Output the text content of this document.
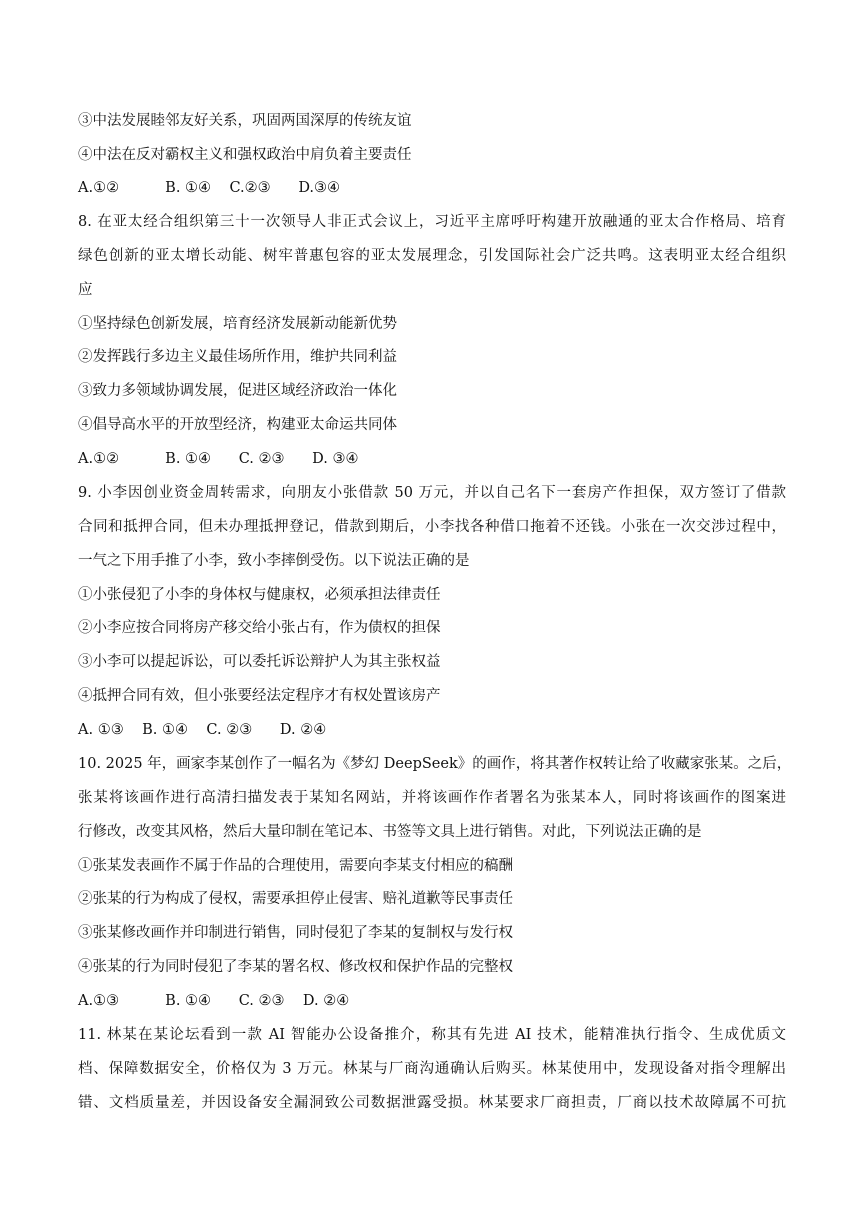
③中法发展睦邻友好关系，巩固两国深厚的传统友谊
④中法在反对霸权主义和强权政治中肩负着主要责任
A.①②          B. ①④    C.②③      D.③④
8. 在亚太经合组织第三十一次领导人非正式会议上，习近平主席呼吁构建开放融通的亚太合作格局、培育
绿色创新的亚太增长动能、树牢普惠包容的亚太发展理念，引发国际社会广泛共鸣。这表明亚太经合组织
应
①坚持绿色创新发展，培育经济发展新动能新优势
②发挥践行多边主义最佳场所作用，维护共同利益
③致力多领域协调发展，促进区域经济政治一体化
④倡导高水平的开放型经济，构建亚太命运共同体
A.①②          B. ①④      C. ②③      D. ③④
9. 小李因创业资金周转需求，向朋友小张借款 50 万元，并以自己名下一套房产作担保，双方签订了借款
合同和抵押合同，但未办理抵押登记，借款到期后，小李找各种借口拖着不还钱。小张在一次交涉过程中，
一气之下用手推了小李，致小李摔倒受伤。以下说法正确的是
①小张侵犯了小李的身体权与健康权，必须承担法律责任
②小李应按合同将房产移交给小张占有，作为债权的担保
③小李可以提起诉讼，可以委托诉讼辩护人为其主张权益
④抵押合同有效，但小张要经法定程序才有权处置该房产
A. ①③    B. ①④    C. ②③      D. ②④
10. 2025 年，画家李某创作了一幅名为《梦幻 DeepSeek》的画作，将其著作权转让给了收藏家张某。之后，
张某将该画作进行高清扫描发表于某知名网站，并将该画作作者署名为张某本人，同时将该画作的图案进
行修改，改变其风格，然后大量印制在笔记本、书签等文具上进行销售。对此，下列说法正确的是
①张某发表画作不属于作品的合理使用，需要向李某支付相应的稿酬
②张某的行为构成了侵权，需要承担停止侵害、赔礼道歉等民事责任
③张某修改画作并印制进行销售，同时侵犯了李某的复制权与发行权
④张某的行为同时侵犯了李某的署名权、修改权和保护作品的完整权
A.①③          B. ①④      C. ②③    D. ②④
11. 林某在某论坛看到一款 AI 智能办公设备推介，称其有先进 AI 技术，能精准执行指令、生成优质文
档、保障数据安全，价格仅为 3 万元。林某与厂商沟通确认后购买。林某使用中，发现设备对指令理解出
错、文档质量差，并因设备安全漏洞致公司数据泄露受损。林某要求厂商担责，厂商以技术故障属不可抗
